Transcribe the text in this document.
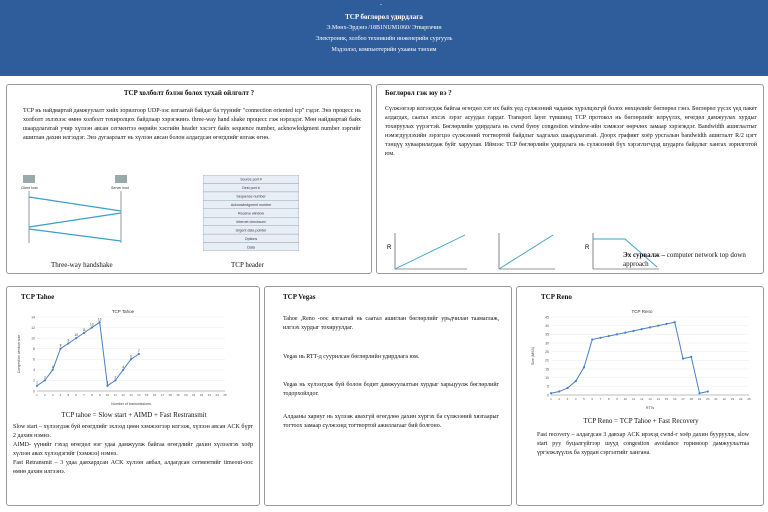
-
TCP бөглөрөл удирдлага
Э.Мөнх-Эрдэнэ /18B1NUM1060/ Этваргачин
Электроник, холбоо техникийн инженерийн сургууль
Мэдээлэл, компьютерийн ухааны тэнхим
TCP холболт бэлэн болох тухай ойлголт ?
TCP нь найдвартай дамжуулалт хийх зорилгоор UDP-ээс ялгаатай байдаг ба түүнийг "connection oriented tcp" гэдэг. Энэ процесс нь холболт эхлэхээс өмнө холболт тохиролцох байдлаар хэрэгжинэ. three-way hand shake процесс гэж нэрлэдэг. Мөн найдвартай байх шаардлагатай учир хүлээн авсан сегментээ өөрийн хэсгийн header хэсэгт байх sequence number, acknowledgment number зэргийг ашиглан дахин илгээдэг. Энэ дугаарлалт нь хүлээн авсан болон алдагдсан өгөгдлийг ялгаж өгнө.
Client host	Server host
Source port #
Dest port #
Sequence number
Acknowledgment number
Receive window
Internet checksum
Urgent data pointer
Options
Data
Three-way handshake	TCP header
Бөглөрөл гэж юу вэ ?
Сүлжээгээр илгээгдэж байгаа өгөгдөл хэт их байх үед сүлжээний чадамж хүрэлцэхгүй болох нөхцөлийг бөглөрөл гэнэ. Бөглөрөл үүсэх үед пакет алдагдах, саатал ихсэх зэрэг асуудал гардаг. Transport layer түвшинд TCP протокол нь бөглөрлийг илрүүлэх, өгөгдөл дамжуулах хурдыг тохируулах үүрэгтэй. Бөглөрлийн удирдлага нь cwnd буюу congestion window-ийн хэмжээг өөрчлөх замаар хэрэгждэг. Bandwidth ашиглалтыг нэмэгдүүлэхийн зэрэгцээ сүлжээний тогтвортой байдлыг хадгалах шаардлагатай. Доорх графикт хоёр урсгалын bandwidth ашиглалт R/2 цэгт тэнцүү хуваарилагдаж буйг харуулав. Иймээс TCP бөглөрлийн удирдлага нь сүлжээний бүх хэрэглэгчдэд шударга байдлыг хангах зорилготой юм.
R	R
Эх сурвалж – computer network top down approach
TCP Tahoe
TCP Tahoe
0
2
4
6
8
10
12
14
1 2 3 4 5 6 7 8 9 10 11 12 13 14 15 16 17 18 19 20 21 22 23 24 25
1
2
4
8
9
10
11
12
13
1
2
4
6
7
Number of transmissions
Congestion window size
TCP tahoe = Slow start + AIMD + Fast Restransmit
Slow start – хүлээгдэж буй өгөгдлийг эхлээд цөөн хэмжээгээр илгээж, хүлээн авсан ACK бүрт 2 дахин нэмнэ.
AIMD- үүнийг гэхэд өгөгдөл нэг удаа дамжуулж байгаа өгөгдлийг дахин хүлээлгэх хоёр хүлээн авах хүлээдэгийг (хэмжээ) нэмнэ.
Fast Retransmit – 3 удаа давхардсан ACK хүлээн авбал, алдагдсан сегментийг timeout-оос өмнө дахин илгээнэ.
TCP Vegas
Tahoe ,Reno -оос ялгаатай нь саатал ашиглан бөглөрлийг урьдчилан таамаглаж, илгээх хурдыг тохируулдаг.
Vegas нь RTT-д суурилсан бөглөрлийн удирдлага юм.
Vegas нь хүлээгдэж буй болон бодит дамжуулалтын хурдыг харьцуулж бөглөрлийг тодорхойлдог.
Алдааны хариуг нь хүлээж авахгүй өгөгдлөө дахин хүргэх ба сүлжээний хязгаарыг тогтоох замаар сүлжээнд тогтвортой ажиллагааг бий болгоно.
TCP Reno
TCP Reno
0
5
10
15
20
25
30
35
40
45
1 2 3 4 5 6 7 8 9 10 11 12 13 14 15 16 17 18 19 20 21 22 23 24 25
RTTs
Size (MSS)
TCP Reno = TCP Tahoe + Fast Recovery
Fast recovery – алдагдсан 3 давхар ACK ирэхэд cwnd-г хоёр дахин бууруулж, slow start руу буцалгүйгээр шууд congestion avoidance горимоор дамжуулалтаа үргэлжлүүлэх ба хурдан сэргэлтийг хангана.
